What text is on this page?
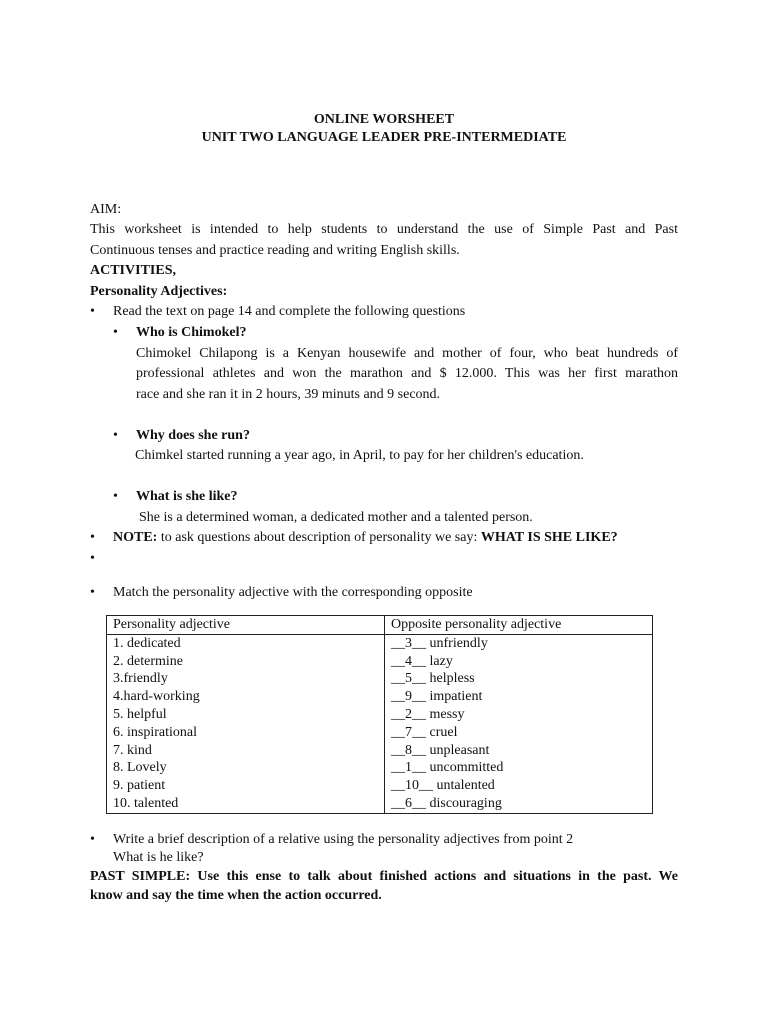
ONLINE WORSHEET
UNIT TWO LANGUAGE LEADER PRE-INTERMEDIATE
AIM:
This worksheet is intended to help students to understand the use of Simple Past and Past
Continuous tenses and practice reading and writing English skills.
ACTIVITIES,
Personality Adjectives:
•	Read the text on page 14 and complete the following questions
•	Who is Chimokel?
Chimokel Chilapong is a Kenyan housewife and mother of four, who beat hundreds of
professional athletes and won the marathon and $ 12.000. This was her first marathon
race and she ran it in 2 hours, 39 minuts and 9 second.
•	Why does she run?
Chimkel started running a year ago, in April, to pay for her children's education.
•	What is she like?
She is a determined woman, a dedicated mother and a talented person.
•	NOTE: to ask questions about description of personality we say: WHAT IS SHE LIKE?
•
•	Match the personality adjective with the corresponding opposite
Personality adjective	Opposite personality adjective
1. dedicated	__3__ unfriendly
2. determine	__4__ lazy
3.friendly	__5__ helpless
4.hard-working	__9__ impatient
5. helpful	__2__ messy
6. inspirational	__7__ cruel
7. kind	__8__ unpleasant
8. Lovely	__1__ uncommitted
9. patient	__10__ untalented
10. talented	__6__ discouraging
•	Write a brief description of a relative using the personality adjectives from point 2
What is he like?
PAST SIMPLE: Use this ense to talk about finished actions and situations in the past. We
know and say the time when the action occurred.
